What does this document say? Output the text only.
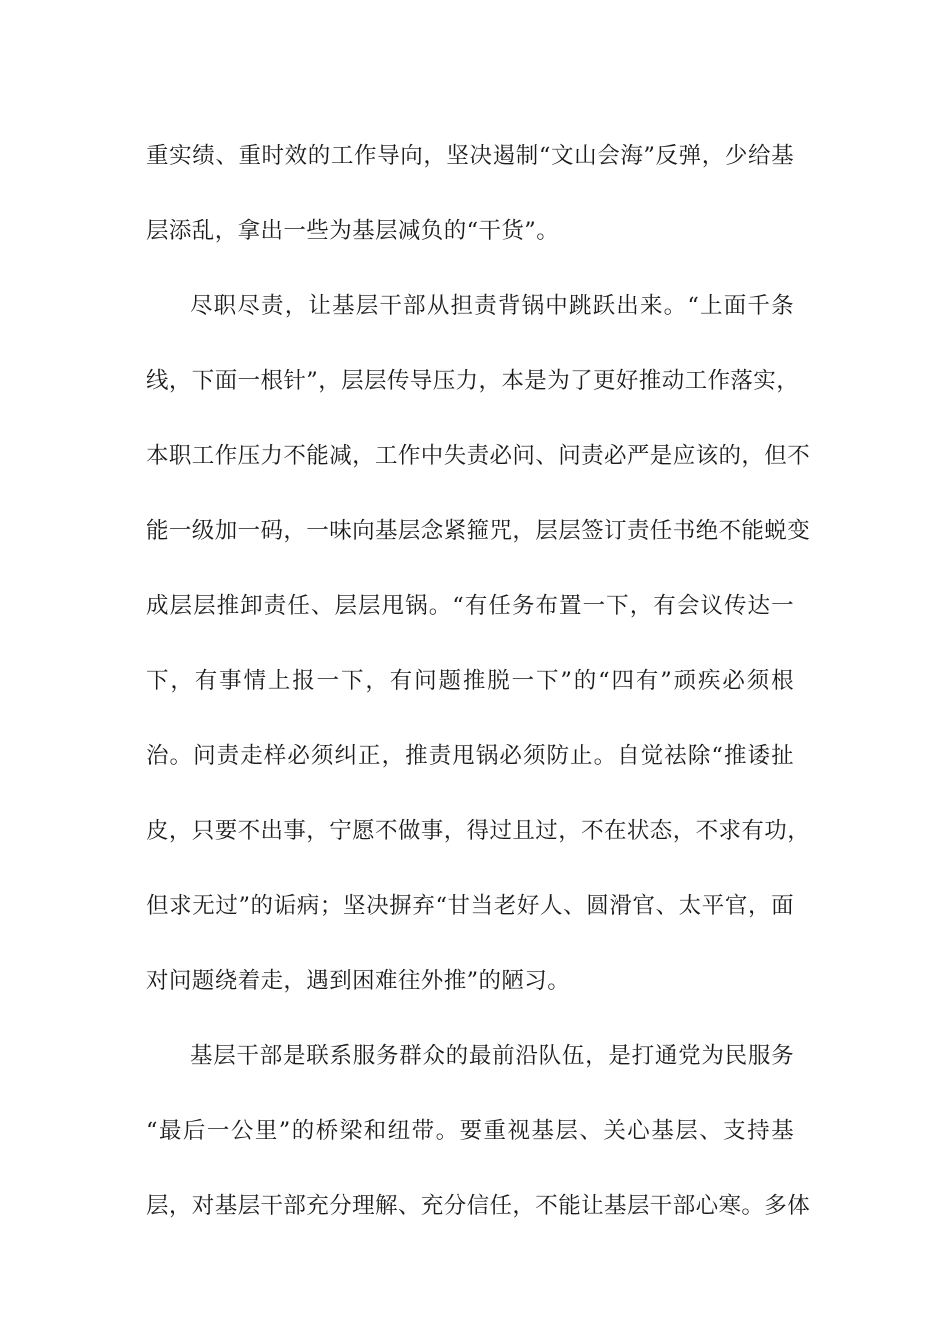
重实绩、重时效的工作导向，坚决遏制“文山会海”反弹，少给基
层添乱，拿出一些为基层减负的“干货”。
尽职尽责，让基层干部从担责背锅中跳跃出来。“上面千条
线，下面一根针”，层层传导压力，本是为了更好推动工作落实，
本职工作压力不能减，工作中失责必问、问责必严是应该的，但不
能一级加一码，一味向基层念紧箍咒，层层签订责任书绝不能蜕变
成层层推卸责任、层层甩锅。“有任务布置一下，有会议传达一
下，有事情上报一下，有问题推脱一下”的“四有”顽疾必须根
治。问责走样必须纠正，推责甩锅必须防止。自觉祛除“推诿扯
皮，只要不出事，宁愿不做事，得过且过，不在状态，不求有功，
但求无过”的诟病；坚决摒弃“甘当老好人、圆滑官、太平官，面
对问题绕着走，遇到困难往外推”的陋习。
基层干部是联系服务群众的最前沿队伍，是打通党为民服务
“最后一公里”的桥梁和纽带。要重视基层、关心基层、支持基
层，对基层干部充分理解、充分信任，不能让基层干部心寒。多体
